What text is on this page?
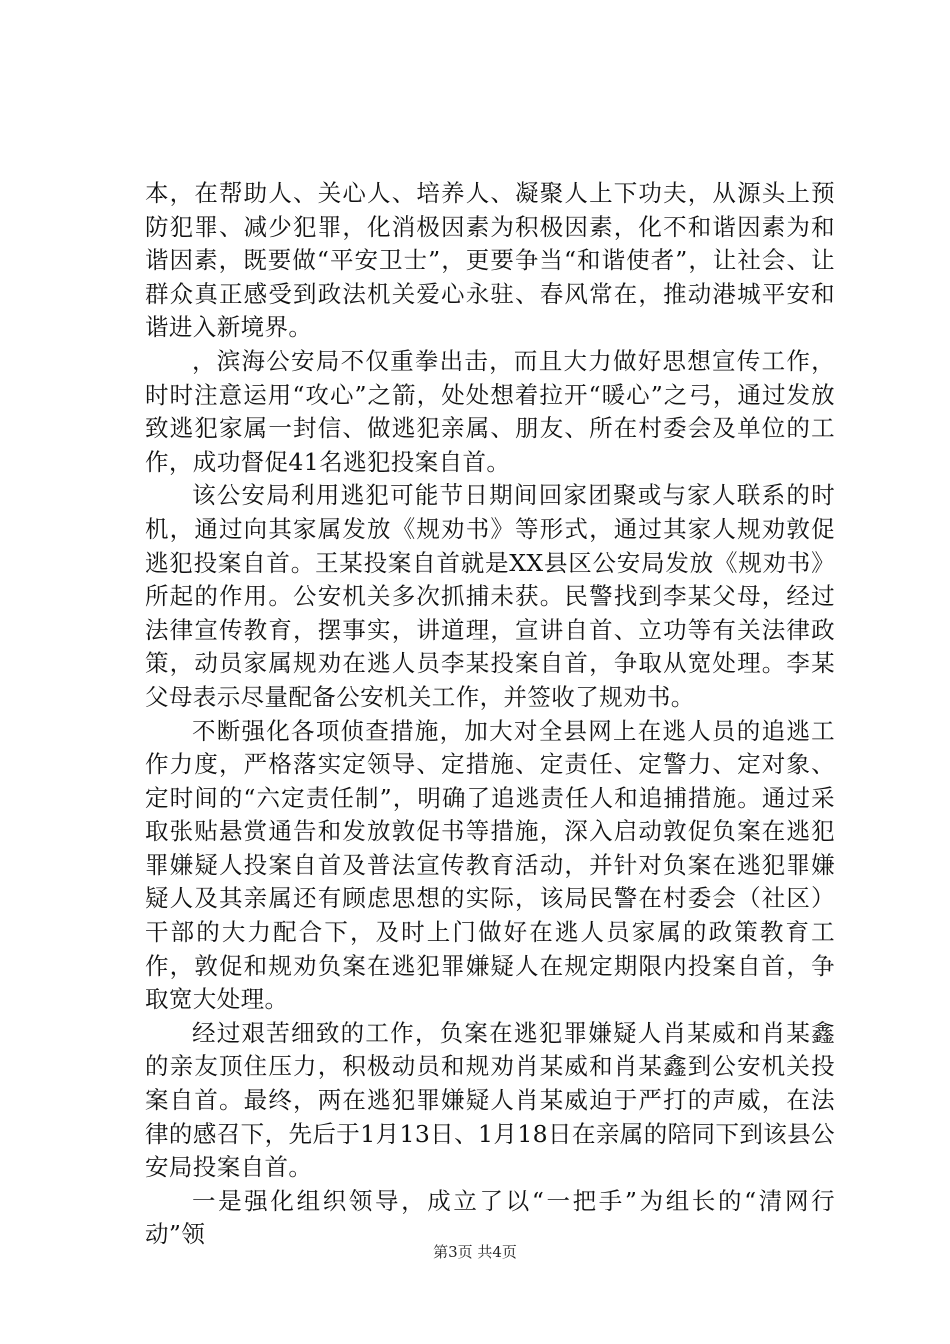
本，在帮助人、关心人、培养人、凝聚人上下功夫，从源头上预防犯罪、减少犯罪，化消极因素为积极因素，化不和谐因素为和谐因素，既要做“平安卫士”，更要争当“和谐使者”，让社会、让群众真正感受到政法机关爱心永驻、春风常在，推动港城平安和谐进入新境界。

，滨海公安局不仅重拳出击，而且大力做好思想宣传工作，时时注意运用“攻心”之箭，处处想着拉开“暖心”之弓，通过发放致逃犯家属一封信、做逃犯亲属、朋友、所在村委会及单位的工作，成功督促41名逃犯投案自首。

该公安局利用逃犯可能节日期间回家团聚或与家人联系的时机，通过向其家属发放《规劝书》等形式，通过其家人规劝敦促逃犯投案自首。王某投案自首就是XX县区公安局发放《规劝书》所起的作用。公安机关多次抓捕未获。民警找到李某父母，经过法律宣传教育，摆事实，讲道理，宣讲自首、立功等有关法律政策，动员家属规劝在逃人员李某投案自首，争取从宽处理。李某父母表示尽量配备公安机关工作，并签收了规劝书。

不断强化各项侦查措施，加大对全县网上在逃人员的追逃工作力度，严格落实定领导、定措施、定责任、定警力、定对象、定时间的“六定责任制”，明确了追逃责任人和追捕措施。通过采取张贴悬赏通告和发放敦促书等措施，深入启动敦促负案在逃犯罪嫌疑人投案自首及普法宣传教育活动，并针对负案在逃犯罪嫌疑人及其亲属还有顾虑思想的实际，该局民警在村委会（社区）干部的大力配合下，及时上门做好在逃人员家属的政策教育工作，敦促和规劝负案在逃犯罪嫌疑人在规定期限内投案自首，争取宽大处理。

经过艰苦细致的工作，负案在逃犯罪嫌疑人肖某威和肖某鑫的亲友顶住压力，积极动员和规劝肖某威和肖某鑫到公安机关投案自首。最终，两在逃犯罪嫌疑人肖某威迫于严打的声威，在法律的感召下，先后于1月13日、1月18日在亲属的陪同下到该县公安局投案自首。

一是强化组织领导，成立了以“一把手”为组长的“清网行动”领

第3页 共4页
